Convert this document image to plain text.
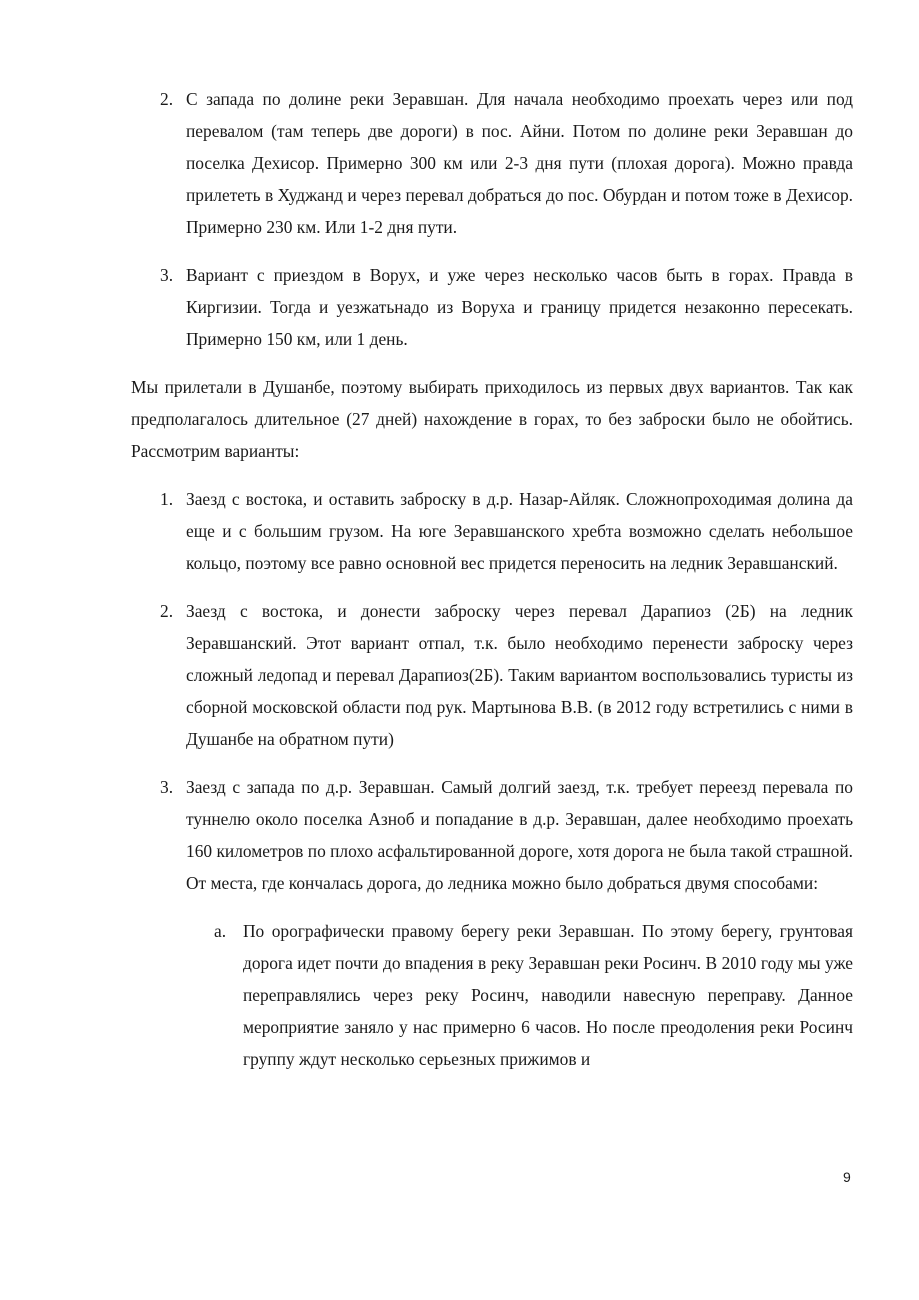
2. С запада по долине реки Зеравшан. Для начала необходимо проехать через или под перевалом (там теперь две дороги) в пос. Айни. Потом по долине реки Зеравшан до поселка Дехисор. Примерно 300 км или 2-3 дня пути (плохая дорога). Можно правда прилететь в Худжанд и через перевал добраться до пос. Обурдан и потом тоже в Дехисор. Примерно 230 км. Или 1-2 дня пути.
3. Вариант с приездом в Ворух, и уже через несколько часов быть в горах. Правда в Киргизии. Тогда и уезжатьнадо из Воруха и границу придется незаконно пересекать. Примерно 150 км, или 1 день.

Мы прилетали в Душанбе, поэтому выбирать приходилось из первых двух вариантов. Так как предполагалось длительное (27 дней) нахождение в горах, то без заброски было не обойтись. Рассмотрим варианты:

1. Заезд с востока, и оставить заброску в д.р. Назар-Айляк. Сложнопроходимая долина да еще и с большим грузом. На юге Зеравшанского хребта возможно сделать небольшое кольцо, поэтому все равно основной вес придется переносить на ледник Зеравшанский.
2. Заезд с востока, и донести заброску через перевал Дарапиоз (2Б) на ледник Зеравшанский. Этот вариант отпал, т.к. было необходимо перенести заброску через сложный ледопад и перевал Дарапиоз(2Б). Таким вариантом воспользовались туристы из сборной московской области под рук. Мартынова В.В. (в 2012 году встретились с ними в Душанбе на обратном пути)
3. Заезд с запада по д.р. Зеравшан. Самый долгий заезд, т.к. требует переезд перевала по туннелю около поселка Азноб и попадание в д.р. Зеравшан, далее необходимо проехать 160 километров по плохо асфальтированной дороге, хотя дорога не была такой страшной. От места, где кончалась дорога, до ледника можно было добраться двумя способами:
a. По орографически правому берегу реки Зеравшан. По этому берегу, грунтовая дорога идет почти до впадения в реку Зеравшан реки Росинч. В 2010 году мы уже переправлялись через реку Росинч, наводили навесную переправу. Данное мероприятие заняло у нас примерно 6 часов. Но после преодоления реки Росинч группу ждут несколько серьезных прижимов и
9
